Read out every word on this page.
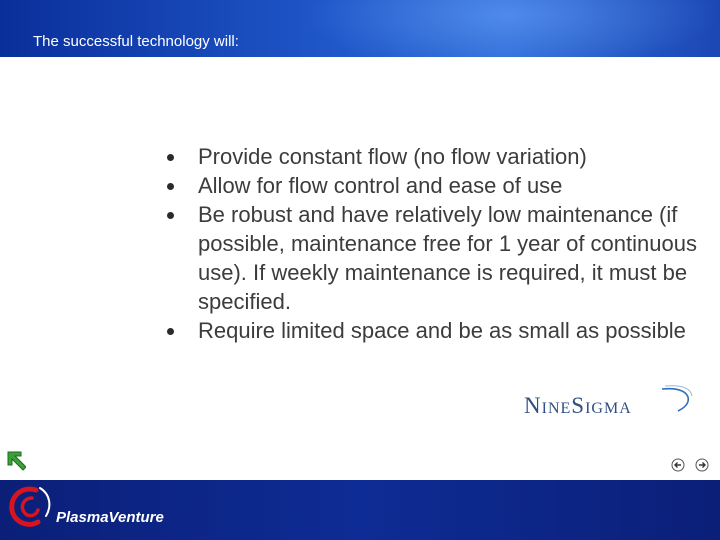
The successful technology will:
Provide constant flow (no flow variation)
Allow for flow control and ease of use
Be robust and have relatively low maintenance (if possible, maintenance free for 1 year of continuous use). If weekly maintenance is required, it must be specified.
Require limited space and be as small as possible
NINESIGMA
PlasmaVenture
